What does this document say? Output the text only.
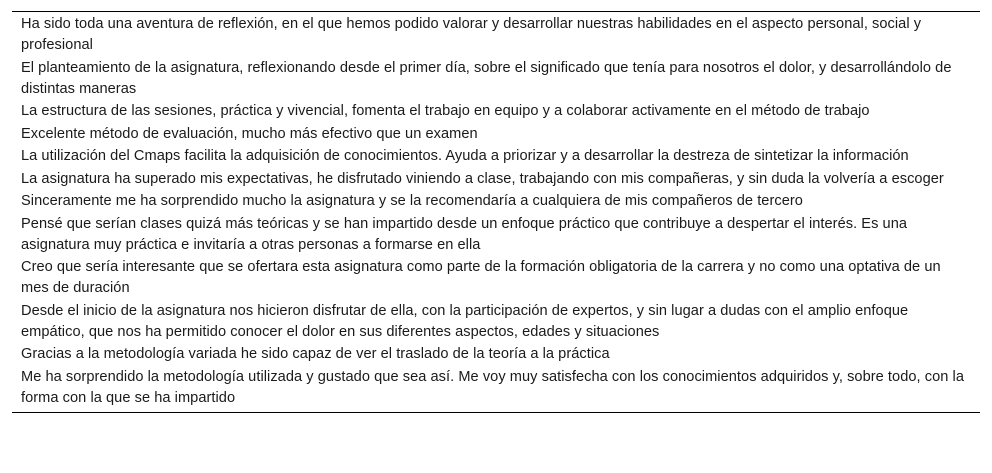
Ha sido toda una aventura de reflexión, en el que hemos podido valorar y desarrollar nuestras habilidades en el aspecto personal, social y profesional
El planteamiento de la asignatura, reflexionando desde el primer día, sobre el significado que tenía para nosotros el dolor, y desarrollándolo de distintas maneras
La estructura de las sesiones, práctica y vivencial, fomenta el trabajo en equipo y a colaborar activamente en el método de trabajo
Excelente método de evaluación, mucho más efectivo que un examen
La utilización del Cmaps facilita la adquisición de conocimientos. Ayuda a priorizar y a desarrollar la destreza de sintetizar la información
La asignatura ha superado mis expectativas, he disfrutado viniendo a clase, trabajando con mis compañeras, y sin duda la volvería a escoger
Sinceramente me ha sorprendido mucho la asignatura y se la recomendaría a cualquiera de mis compañeros de tercero
Pensé que serían clases quizá más teóricas y se han impartido desde un enfoque práctico que contribuye a despertar el interés. Es una asignatura muy práctica e invitaría a otras personas a formarse en ella
Creo que sería interesante que se ofertara esta asignatura como parte de la formación obligatoria de la carrera y no como una optativa de un mes de duración
Desde el inicio de la asignatura nos hicieron disfrutar de ella, con la participación de expertos, y sin lugar a dudas con el amplio enfoque empático, que nos ha permitido conocer el dolor en sus diferentes aspectos, edades y situaciones
Gracias a la metodología variada he sido capaz de ver el traslado de la teoría a la práctica
Me ha sorprendido la metodología utilizada y gustado que sea así. Me voy muy satisfecha con los conocimientos adquiridos y, sobre todo, con la forma con la que se ha impartido
